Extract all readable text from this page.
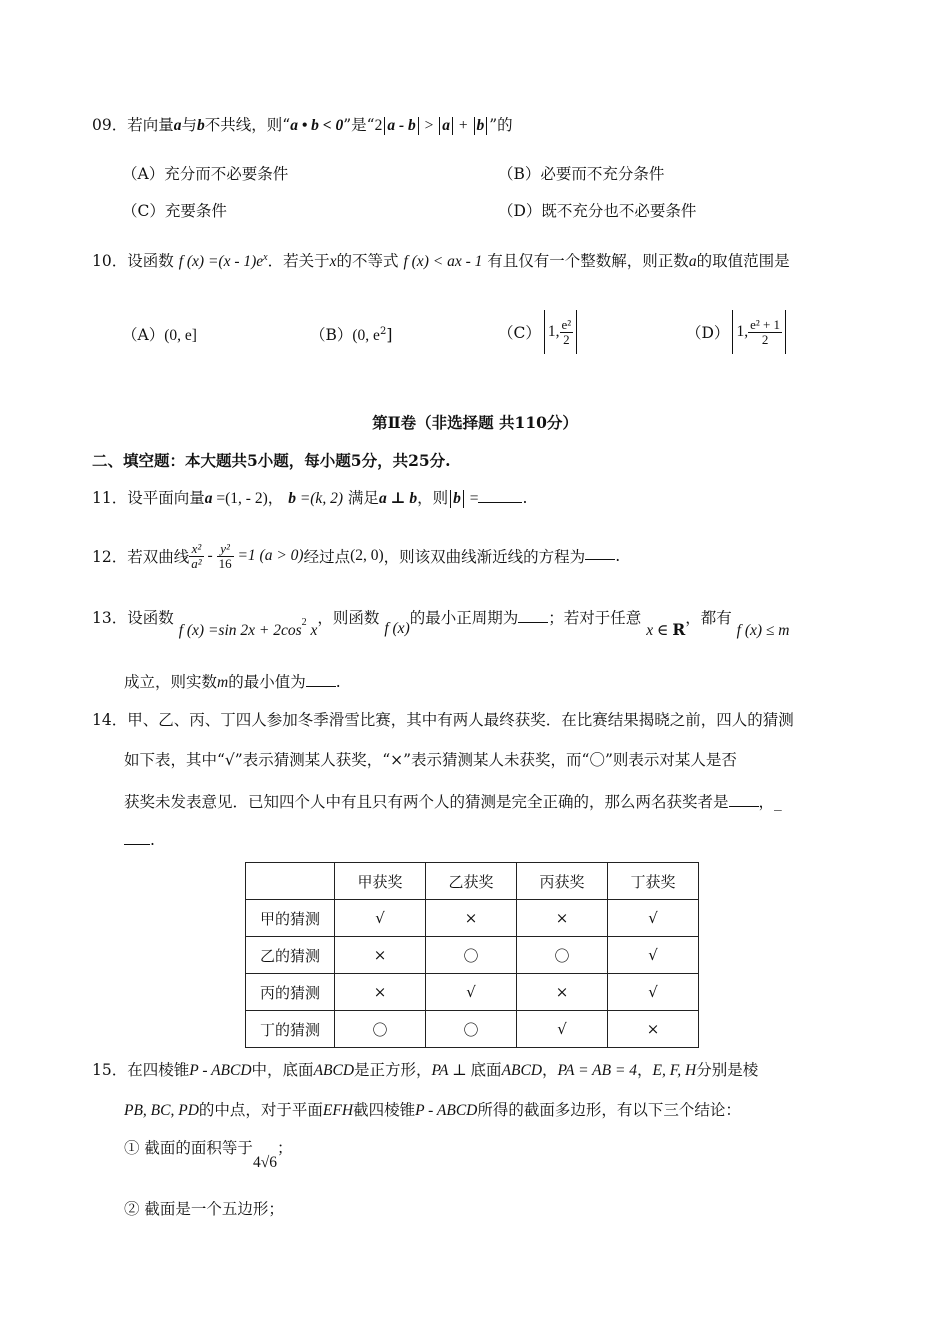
09．若向量a与b不共线，则“a • b < 0”是“2 a - b > a + b ”的
（A）充分而不必要条件	（B）必要而不充分条件
（C）充要条件	（D）既不充分也不必要条件
10．设函数 f $(x) =(x - 1)e^x$．若关于x的不等式 f (x) < ax - 1 有且仅有一个整数解，则正数a的取值范围是
（A）(0, e]	（B）(0, $e^2$]	（C） 1, $\frac{\text{e²}}{2}$	（D） 1, $\frac{\text{e² + 1}}{2}$
第Ⅱ卷（非选择题 共110分）
二、填空题：本大题共5小题，每小题5分，共25分.
11．设平面向量a =(1, - 2)， b =(k, 2) 满足a ⊥ b，则 b =	.
12．若双曲线 $\frac{\text{x²}}{\text{a²}} - \frac{\text{y²}}{16} =1$ (a > 0)经过点(2, 0)，则该双曲线渐近线的方程为 .
13．设函数 f (x) =sin $2x + 2\cos^2$ x，则函数 f (x)的最小正周期为 ；若对于任意 x ∈ R，都有 f (x) ≤ m
成立，则实数m的最小值为 .
14．甲、乙、丙、丁四人参加冬季滑雪比赛，其中有两人最终获奖．在比赛结果揭晓之前，四人的猜测
如下表，其中“√”表示猜测某人获奖，“×”表示猜测某人未获奖，而“〇”则表示对某人是否
获奖未发表意见．已知四个人中有且只有两个人的猜测是完全正确的，那么两名获奖者是 ，_
.
	甲获奖	乙获奖	丙获奖	丁获奖
甲的猜测	√	×	×	√
乙的猜测	×	〇	〇	√
丙的猜测	×	√	×	√
丁的猜测	〇	〇	√	×
15．在四棱锥P - ABCD中，底面ABCD是正方形，PA ⊥ 底面ABCD，PA = AB = 4，E, F, H分别是棱
PB, BC, PD的中点，对于平面EFH截四棱锥P - ABCD所得的截面多边形，有以下三个结论：
① 截面的面积等于4√6；
② 截面是一个五边形；
